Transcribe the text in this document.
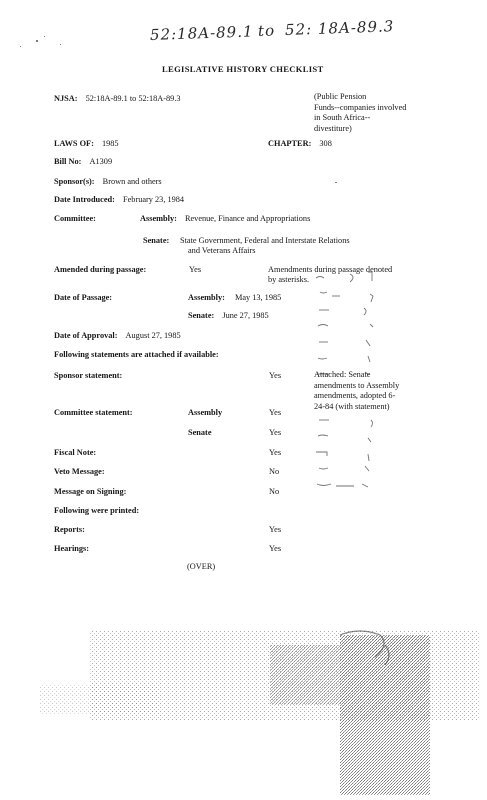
52:18A-89.1 to 52: 18A-89.3
LEGISLATIVE HISTORY CHECKLIST
NJSA: 52:18A-89.1 to 52:18A-89.3	(Public Pension
Funds--companies involved
in South Africa--
divestiture)
LAWS OF: 1985	CHAPTER: 308
Bill No: A1309
Sponsor(s): Brown and others
Date Introduced: February 23, 1984
Committee:	Assembly: Revenue, Finance and Appropriations
Senate: State Government, Federal and Interstate Relations
and Veterans Affairs
Amended during passage:	Yes	Amendments during passage denoted
by asterisks.
Date of Passage:	Assembly: May 13, 1985
Senate: June 27, 1985
Date of Approval: August 27, 1985
Following statements are attached if available:
Sponsor statement:	Yes	Attached: Senate
amendments to Assembly
amendments, adopted 6-
24-84 (with statement)
Committee statement:	Assembly	Yes
Senate	Yes
Fiscal Note:	Yes
Veto Message:	No
Message on Signing:	No
Following were printed:
Reports:	Yes
Hearings:	Yes
(OVER)
